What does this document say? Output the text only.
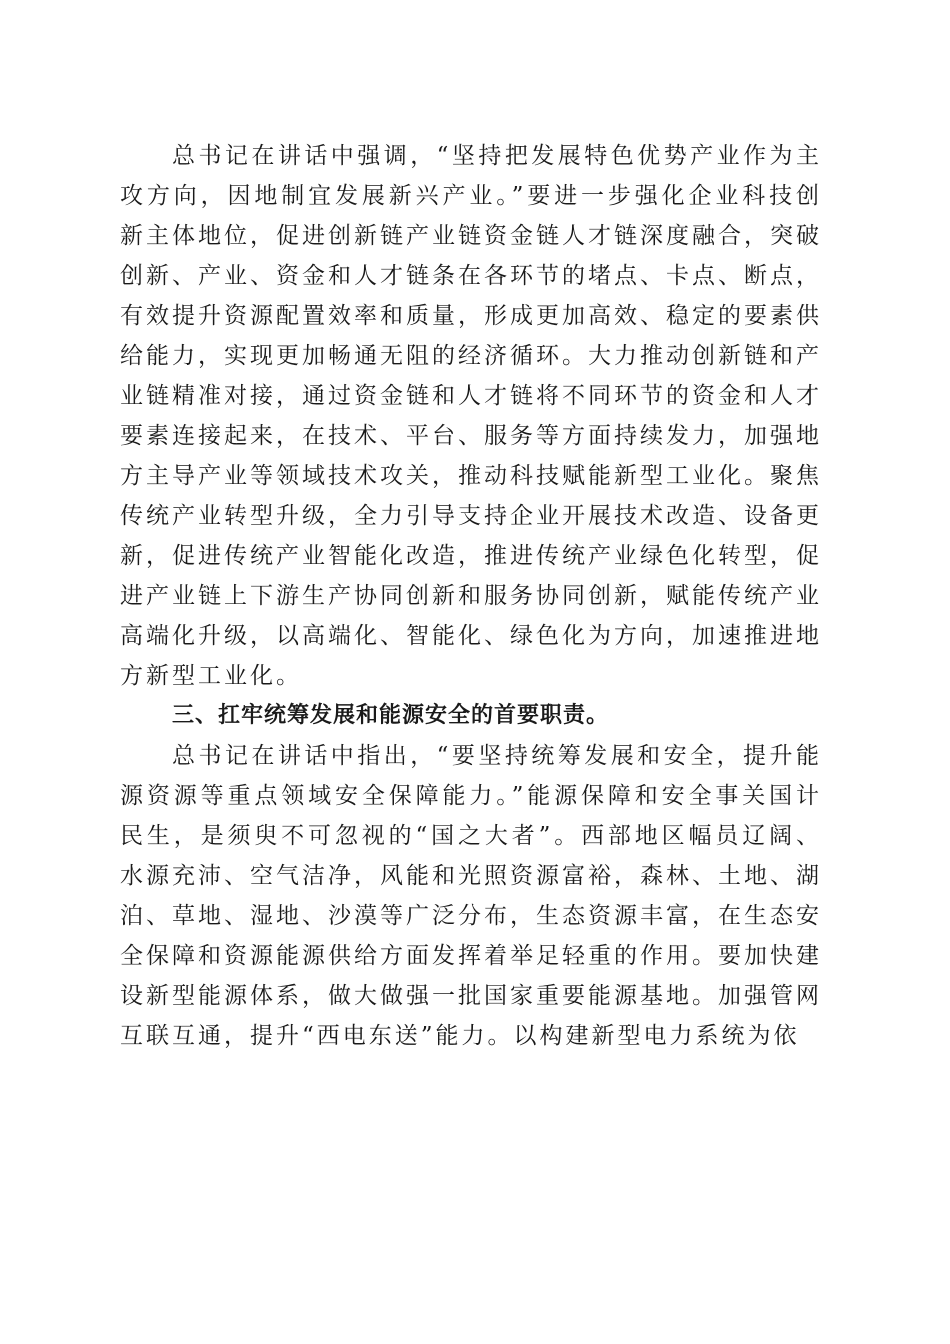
总书记在讲话中强调，“坚持把发展特色优势产业作为主攻方向，因地制宜发展新兴产业。”要进一步强化企业科技创新主体地位，促进创新链产业链资金链人才链深度融合，突破创新、产业、资金和人才链条在各环节的堵点、卡点、断点，有效提升资源配置效率和质量，形成更加高效、稳定的要素供给能力，实现更加畅通无阻的经济循环。大力推动创新链和产业链精准对接，通过资金链和人才链将不同环节的资金和人才要素连接起来，在技术、平台、服务等方面持续发力，加强地方主导产业等领域技术攻关，推动科技赋能新型工业化。聚焦传统产业转型升级，全力引导支持企业开展技术改造、设备更新，促进传统产业智能化改造，推进传统产业绿色化转型，促进产业链上下游生产协同创新和服务协同创新，赋能传统产业高端化升级，以高端化、智能化、绿色化为方向，加速推进地方新型工业化。

三、扛牢统筹发展和能源安全的首要职责。

总书记在讲话中指出，“要坚持统筹发展和安全，提升能源资源等重点领域安全保障能力。”能源保障和安全事关国计民生，是须臾不可忽视的“国之大者”。西部地区幅员辽阔、水源充沛、空气洁净，风能和光照资源富裕，森林、土地、湖泊、草地、湿地、沙漠等广泛分布，生态资源丰富，在生态安全保障和资源能源供给方面发挥着举足轻重的作用。要加快建设新型能源体系，做大做强一批国家重要能源基地。加强管网互联互通，提升“西电东送”能力。以构建新型电力系统为依
